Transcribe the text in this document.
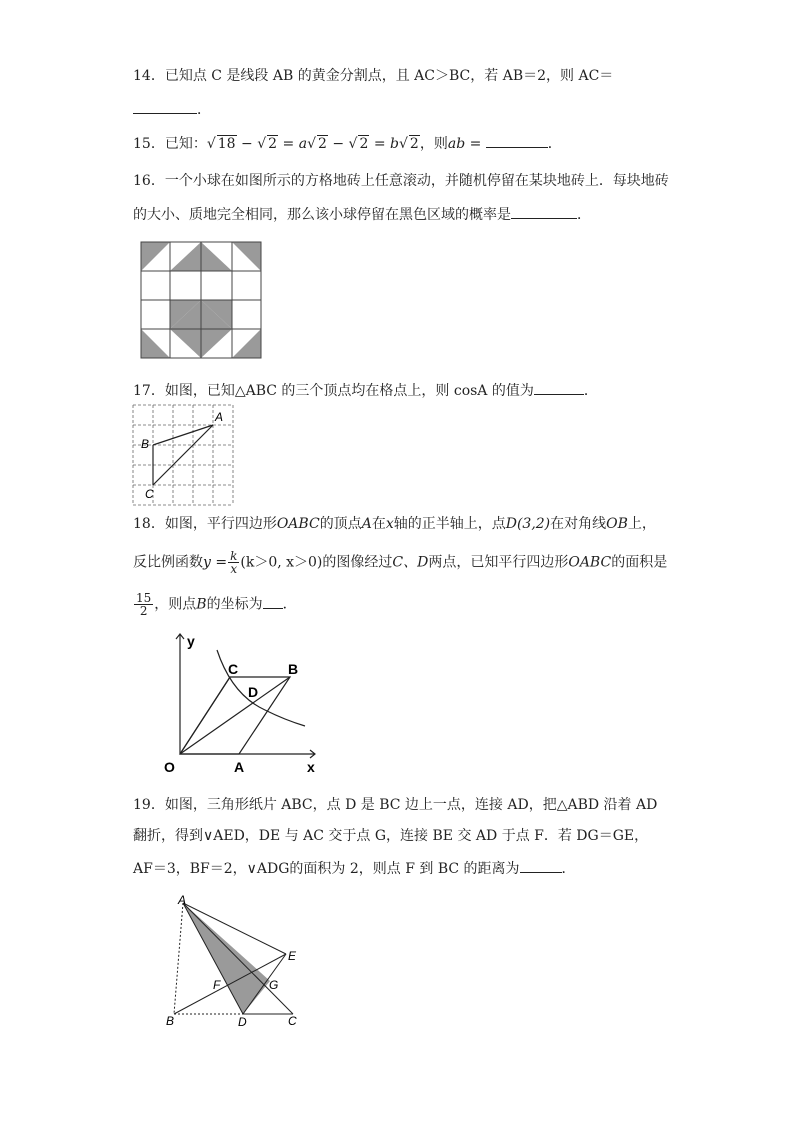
14．已知点 C 是线段 AB 的黄金分割点，且 AC＞BC，若 AB＝2，则 AC＝
．
15．已知：√ 18 − √ 2 = a√ 2 − √ 2 = b√ 2，则ab =	．
16．一个小球在如图所示的方格地砖上任意滚动，并随机停留在某块地砖上．每块地砖
的大小、质地完全相同，那么该小球停留在黑色区域的概率是	．
17．如图，已知△ABC 的三个顶点均在格点上，则 cosA 的值为	．
A
B
C
18．如图，平行四边形OABC的顶点A在x轴的正半轴上，点D(3,2)在对角线OB上，
反比例函数$y = \frac{k}{x} (k>0$, x＞0)的图像经过C、D两点，已知平行四边形OABC的面积是
$\frac{15}{2}$ ，则点B的坐标为 ．
y
x
O	A
B
C
D
19．如图，三角形纸片 ABC，点 D 是 BC 边上一点，连接 AD，把△ABD 沿着 AD
翻折，得到∨AED，DE 与 AC 交于点 G，连接 BE 交 AD 于点 F．若 DG＝GE，
AF＝3，BF＝2，∨ADG的面积为 2，则点 F 到 BC 的距离为	．
A
B	C
D
E
F	G
